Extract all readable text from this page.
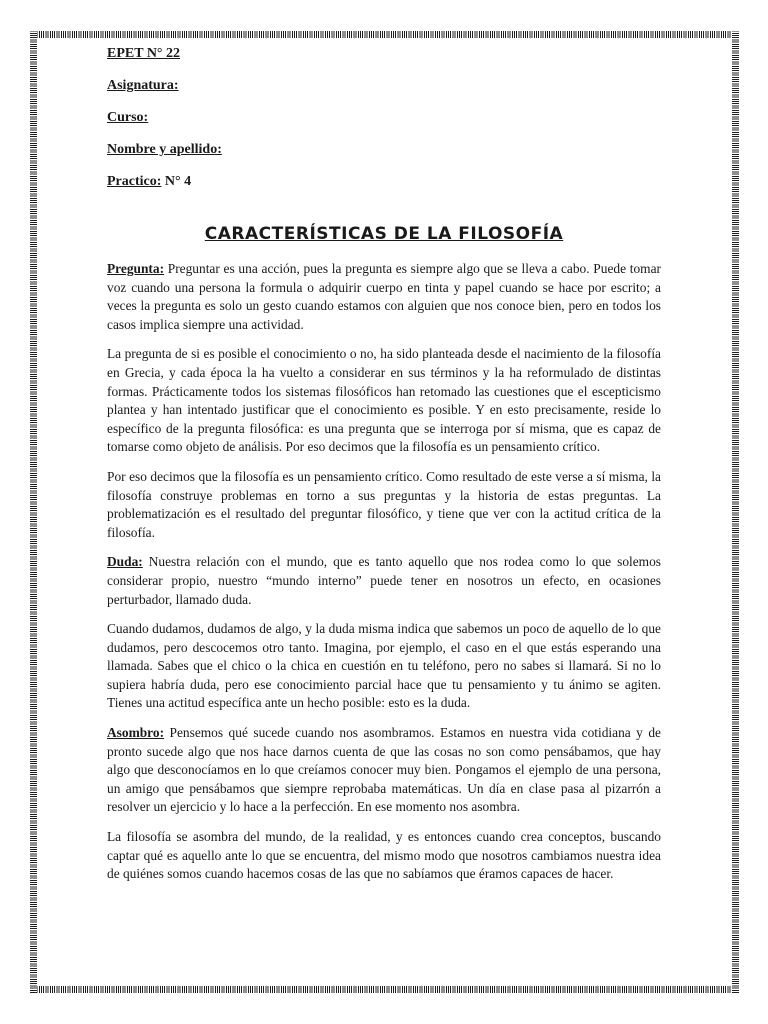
EPET N° 22
Asignatura:
Curso:
Nombre y apellido:
Practico: N° 4
CARACTERÍSTICAS DE LA FILOSOFÍA

Pregunta: Preguntar es una acción, pues la pregunta es siempre algo que se lleva a cabo. Puede tomar voz cuando una persona la formula o adquirir cuerpo en tinta y papel cuando se hace por escrito; a veces la pregunta es solo un gesto cuando estamos con alguien que nos conoce bien, pero en todos los casos implica siempre una actividad.

La pregunta de si es posible el conocimiento o no, ha sido planteada desde el nacimiento de la filosofía en Grecia, y cada época la ha vuelto a considerar en sus términos y la ha reformulado de distintas formas. Prácticamente todos los sistemas filosóficos han retomado las cuestiones que el escepticismo plantea y han intentado justificar que el conocimiento es posible. Y en esto precisamente, reside lo específico de la pregunta filosófica: es una pregunta que se interroga por sí misma, que es capaz de tomarse como objeto de análisis. Por eso decimos que la filosofía es un pensamiento crítico.

Por eso decimos que la filosofía es un pensamiento crítico. Como resultado de este verse a sí misma, la filosofía construye problemas en torno a sus preguntas y la historia de estas preguntas. La problematización es el resultado del preguntar filosófico, y tiene que ver con la actitud crítica de la filosofía.

Duda: Nuestra relación con el mundo, que es tanto aquello que nos rodea como lo que solemos considerar propio, nuestro “mundo interno” puede tener en nosotros un efecto, en ocasiones perturbador, llamado duda.

Cuando dudamos, dudamos de algo, y la duda misma indica que sabemos un poco de aquello de lo que dudamos, pero descocemos otro tanto. Imagina, por ejemplo, el caso en el que estás esperando una llamada. Sabes que el chico o la chica en cuestión en tu teléfono, pero no sabes si llamará. Si no lo supiera habría duda, pero ese conocimiento parcial hace que tu pensamiento y tu ánimo se agiten. Tienes una actitud específica ante un hecho posible: esto es la duda.

Asombro: Pensemos qué sucede cuando nos asombramos. Estamos en nuestra vida cotidiana y de pronto sucede algo que nos hace darnos cuenta de que las cosas no son como pensábamos, que hay algo que desconocíamos en lo que creíamos conocer muy bien. Pongamos el ejemplo de una persona, un amigo que pensábamos que siempre reprobaba matemáticas. Un día en clase pasa al pizarrón a resolver un ejercicio y lo hace a la perfección. En ese momento nos asombra.

La filosofía se asombra del mundo, de la realidad, y es entonces cuando crea conceptos, buscando captar qué es aquello ante lo que se encuentra, del mismo modo que nosotros cambiamos nuestra idea de quiénes somos cuando hacemos cosas de las que no sabíamos que éramos capaces de hacer.
